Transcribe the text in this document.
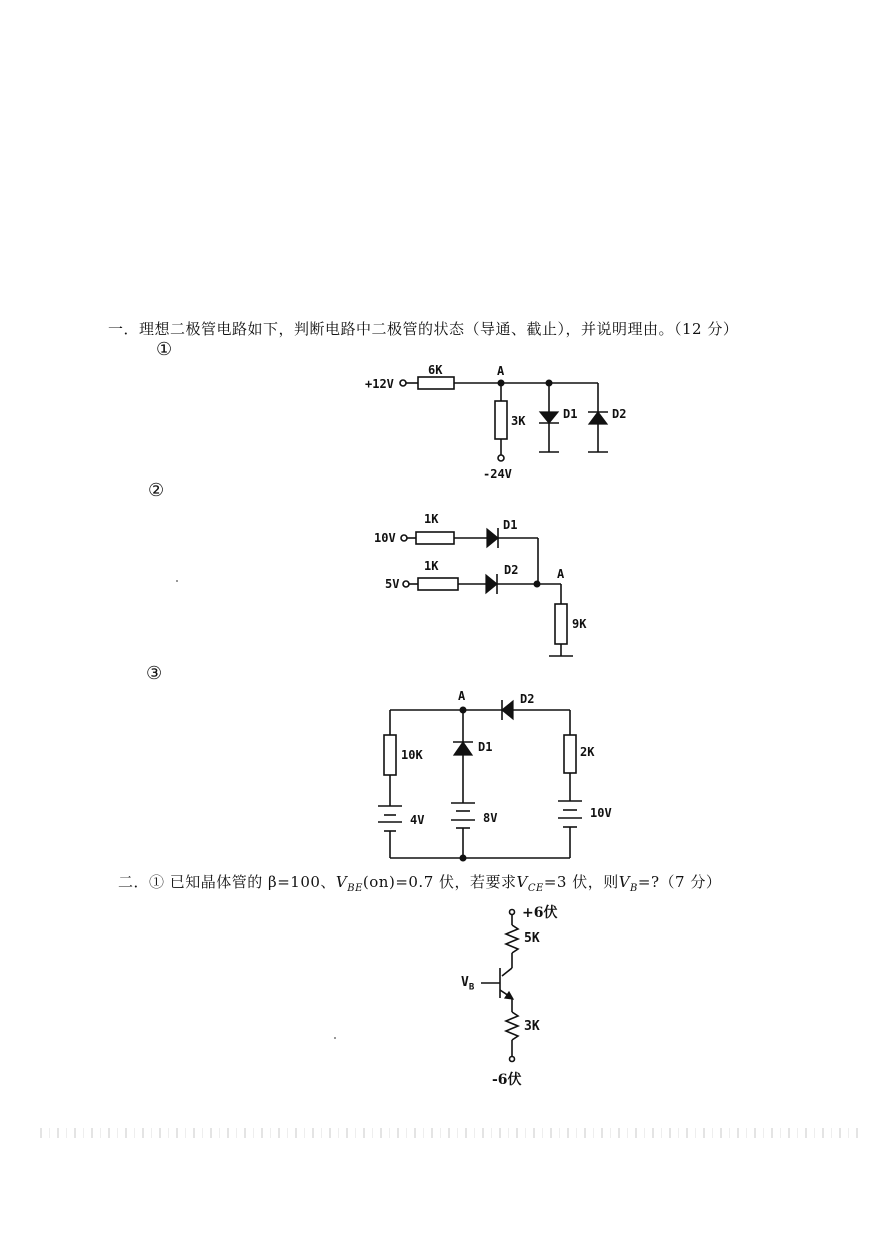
一．理想二极管电路如下，判断电路中二极管的状态（导通、截止），并说明理由。（12 分）
①
+12V
6K	A
3K
-24V
D1	D2
10V
1K	D1
5V
1K	D2	A
9K
A	D2
10K
4V
D1
8V
2K
10V
②
③
二．① 已知晶体管的 β=100、$V_{BE}(on)=0.7$ 伏，若要求$V_{CE}=3$ 伏，则$V_B=?(7$ 分）
+6伏
5K
$V_B$
3K
-6伏
